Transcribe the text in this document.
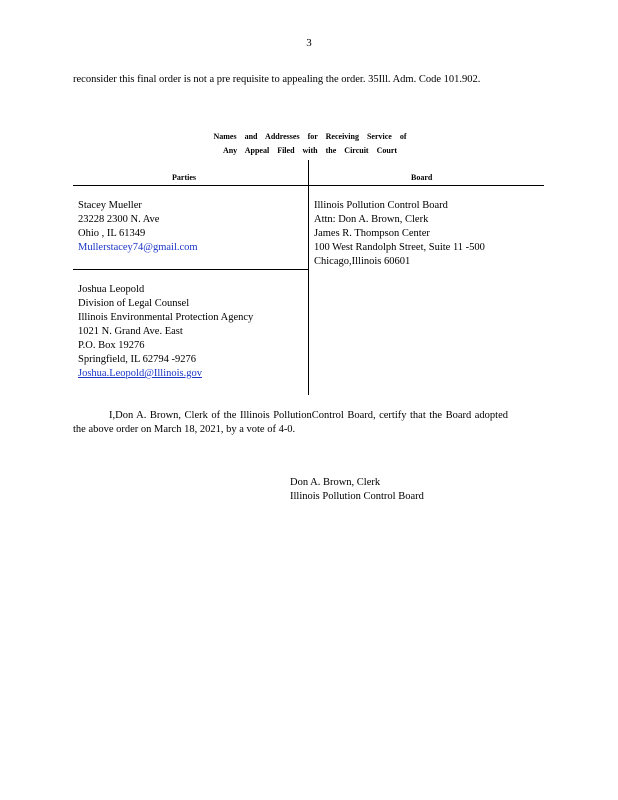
3
reconsider this final order is not a pre requisite to appealing the order. 35Ill. Adm. Code 101.902.
Names and Addresses for Receiving Service of
Any Appeal Filed with the Circuit Court
Parties	Board
Stacey Mueller
23228 2300 N. Ave
Ohio , IL 61349
Mullerstacey74@gmail.com
Illinois Pollution Control Board
Attn: Don A. Brown, Clerk
James R. Thompson Center
100 West Randolph Street, Suite 11 -500
Chicago,Illinois 60601
Joshua Leopold
Division of Legal Counsel
Illinois Environmental Protection Agency
1021 N. Grand Ave. East
P.O. Box 19276
Springfield, IL 62794 -9276
Joshua.Leopold@Illinois.gov
I,Don A. Brown, Clerk of the Illinois PollutionControl Board, certify that the Board adopted the above order on March 18, 2021, by a vote of 4-0.
Don A. Brown, Clerk
Illinois Pollution Control Board
